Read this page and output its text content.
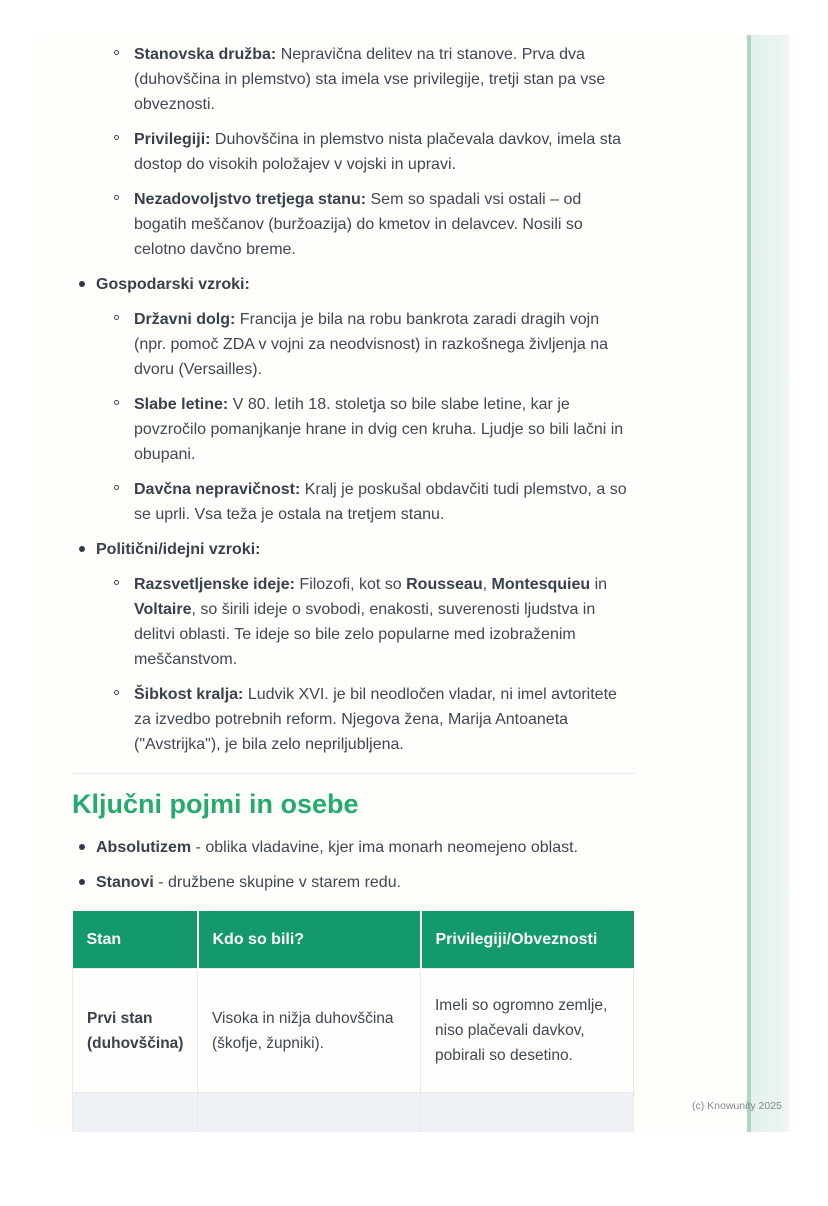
Stanovska družba: Nepravična delitev na tri stanove. Prva dva (duhovščina in plemstvo) sta imela vse privilegije, tretji stan pa vse obveznosti.
Privilegiji: Duhovščina in plemstvo nista plačevala davkov, imela sta dostop do visokih položajev v vojski in upravi.
Nezadovoljstvo tretjega stanu: Sem so spadali vsi ostali – od bogatih meščanov (buržoazija) do kmetov in delavcev. Nosili so celotno davčno breme.
Gospodarski vzroki:
Državni dolg: Francija je bila na robu bankrota zaradi dragih vojn (npr. pomoč ZDA v vojni za neodvisnost) in razkošnega življenja na dvoru (Versailles).
Slabe letine: V 80. letih 18. stoletja so bile slabe letine, kar je povzročilo pomanjkanje hrane in dvig cen kruha. Ljudje so bili lačni in obupani.
Davčna nepravičnost: Kralj je poskušal obdavčiti tudi plemstvo, a so se uprli. Vsa teža je ostala na tretjem stanu.
Politični/idejni vzroki:
Razsvetljenske ideje: Filozofi, kot so Rousseau, Montesquieu in Voltaire, so širili ideje o svobodi, enakosti, suverenosti ljudstva in delitvi oblasti. Te ideje so bile zelo popularne med izobraženim meščanstvom.
Šibkost kralja: Ludvik XVI. je bil neodločen vladar, ni imel avtoritete za izvedbo potrebnih reform. Njegova žena, Marija Antoaneta ("Avstrijka"), je bila zelo nepriljubljena.
Ključni pojmi in osebe
Absolutizem - oblika vladavine, kjer ima monarh neomejeno oblast.
Stanovi - družbene skupine v starem redu.
Stan	Kdo so bili?	Privilegiji/Obveznosti
Prvi stan (duhovščina)	Visoka in nižja duhovščina (škofje, župniki).	Imeli so ogromno zemlje, niso plačevali davkov, pobirali so desetino.

(c) Knowunity 2025
